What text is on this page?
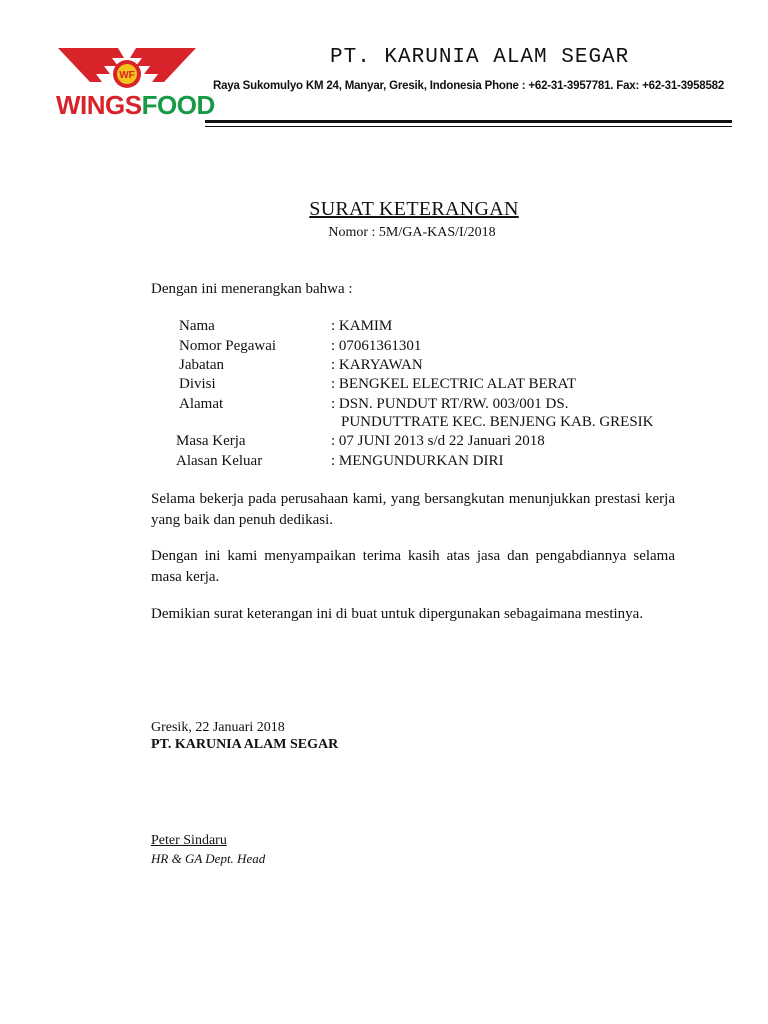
WF
WINGSFOOD
PT. KARUNIA ALAM SEGAR
Raya Sukomulyo KM 24, Manyar, Gresik, Indonesia Phone : +62-31-3957781. Fax: +62-31-3958582
SURAT KETERANGAN
Nomor : 5M/GA-KAS/I/2018
Dengan ini menerangkan bahwa :
Nama	: KAMIM
Nomor Pegawai	: 07061361301
Jabatan	: KARYAWAN
Divisi	: BENGKEL ELECTRIC ALAT BERAT
Alamat	: DSN. PUNDUT RT/RW. 003/001 DS.
PUNDUTTRATE KEC. BENJENG KAB. GRESIK
Masa Kerja	: 07 JUNI 2013 s/d 22 Januari 2018
Alasan Keluar	: MENGUNDURKAN DIRI
Selama bekerja pada perusahaan kami, yang bersangkutan menunjukkan prestasi kerja yang baik dan penuh dedikasi.
Dengan ini kami menyampaikan terima kasih atas jasa dan pengabdiannya selama masa kerja.
Demikian surat keterangan ini di buat untuk dipergunakan sebagaimana mestinya.
Gresik, 22 Januari 2018
PT. KARUNIA ALAM SEGAR
Peter Sindaru
HR & GA Dept. Head
